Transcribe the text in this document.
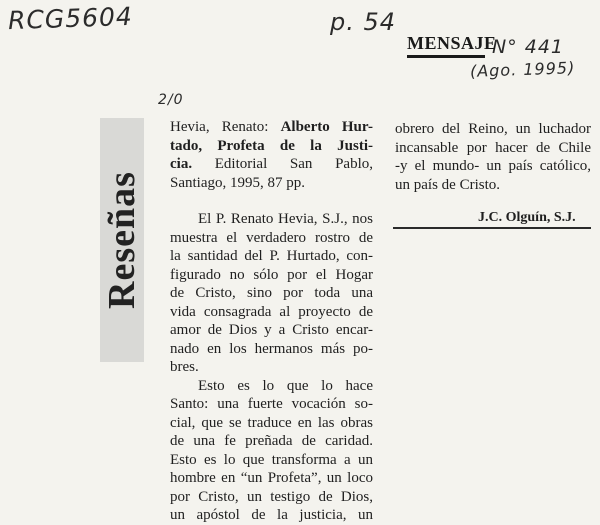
RCG5604	p. 54
N° 441
(Ago. 1995)
2/0
MENSAJE
Reseñas
Hevia, Renato: Alberto Hur-
tado, Profeta de la Justi-
cia. Editorial San Pablo,
Santiago, 1995, 87 pp.
El P. Renato Hevia, S.J., nos
muestra el verdadero rostro de
la santidad del P. Hurtado, con-
figurado no sólo por el Hogar
de Cristo, sino por toda una
vida consagrada al proyecto de
amor de Dios y a Cristo encar-
nado en los hermanos más po-
bres.
Esto es lo que lo hace
Santo: una fuerte vocación so-
cial, que se traduce en las obras
de una fe preñada de caridad.
Esto es lo que transforma a un
hombre en “un Profeta”, un loco
por Cristo, un testigo de Dios,
un apóstol de la justicia, un
obrero del Reino, un luchador
incansable por hacer de Chile
-y el mundo- un país católico,
un país de Cristo.
J.C. Olguín, S.J.
